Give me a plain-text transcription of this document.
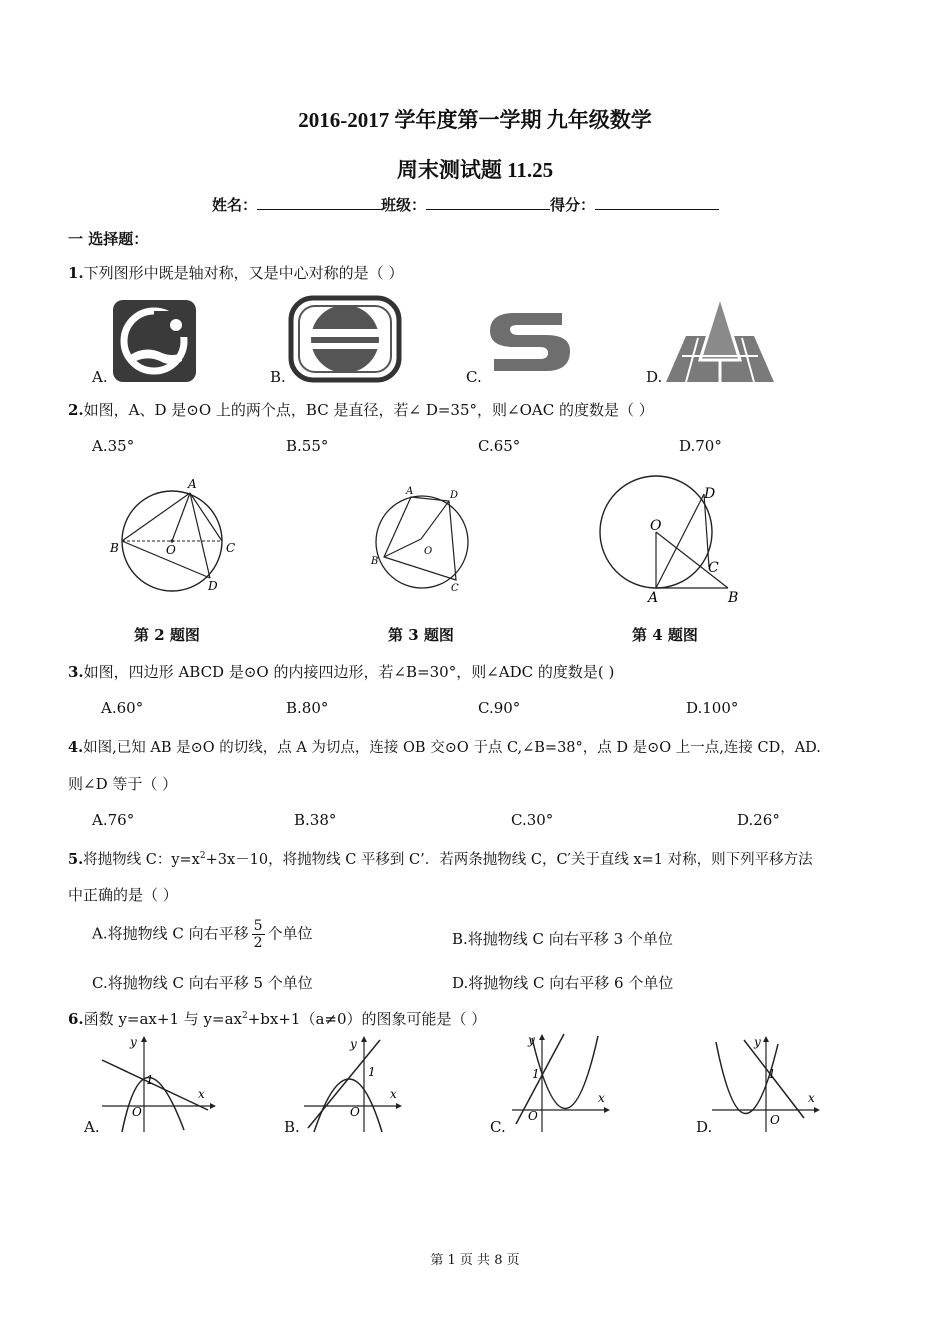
2016-2017 学年度第一学期 九年级数学
周末测试题 11.25
姓名：	班级：	得分：
一 选择题：
1.下列图形中既是轴对称，又是中心对称的是（ ）
A.	B.	C.	D.
2.如图，A、D 是⊙O 上的两个点，BC 是直径，若∠ D=35°，则∠OAC 的度数是（ ）
A.35°	B.55°	C.65°	D.70°
A
B	O	C
D
A	D
B
O
C
D
O
C
A	B
第 2 题图	第 3 题图	第 4 题图
3.如图，四边形 ABCD 是⊙O 的内接四边形，若∠B=30°，则∠ADC 的度数是( )
A.60°	B.80°	C.90°	D.100°
4.如图,已知 AB 是⊙O 的切线，点 A 为切点，连接 OB 交⊙O 于点 C,∠B=38°，点 D 是⊙O 上一点,连接 CD，AD.
则∠D 等于（ ）
A.76°	B.38°	C.30°	D.26°
5.将抛物线 C：$y=x^2+3x-10$，将抛物线 C 平移到 C’．若两条抛物线 C，C′关于直线 x=1 对称，则下列平移方法
中正确的是（ ）
A.将抛物线 C 向右平移 $\frac{5}{2}$ 个单位	B.将抛物线 C 向右平移 3 个单位
C.将抛物线 C 向右平移 5 个单位	D.将抛物线 C 向右平移 6 个单位
6.函数 y=ax+1 与 $y=ax^2+bx+1(a\ne 0)$的图象可能是（ ）
y
x
O
1
y
x
O
1
y
x
O
1
y
x
O
1
A.	B.	C.	D.
第 1 页 共 8 页
